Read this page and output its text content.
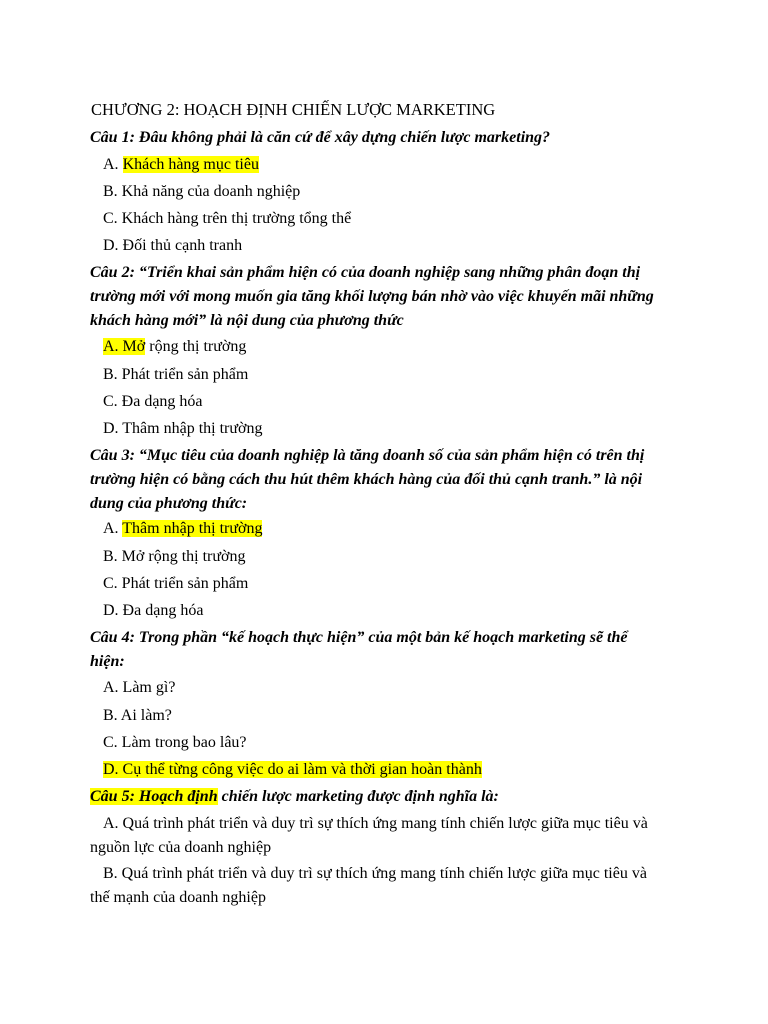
CHƯƠNG 2: HOẠCH ĐỊNH CHIẾN LƯỢC MARKETING
Câu 1: Đâu không phải là căn cứ để xây dựng chiến lược marketing?
A. Khách hàng mục tiêu
B. Khả năng của doanh nghiệp
C. Khách hàng trên thị trường tổng thể
D. Đối thủ cạnh tranh
Câu 2: “Triển khai sản phẩm hiện có của doanh nghiệp sang những phân đoạn thị
trường mới với mong muốn gia tăng khối lượng bán nhờ vào việc khuyến mãi những
khách hàng mới” là nội dung của phương thức
A. Mở rộng thị trường
B. Phát triển sản phẩm
C. Đa dạng hóa
D. Thâm nhập thị trường
Câu 3: “Mục tiêu của doanh nghiệp là tăng doanh số của sản phẩm hiện có trên thị
trường hiện có bằng cách thu hút thêm khách hàng của đối thủ cạnh tranh.” là nội
dung của phương thức:
A. Thâm nhập thị trường
B. Mở rộng thị trường
C. Phát triển sản phẩm
D. Đa dạng hóa
Câu 4: Trong phần “kế hoạch thực hiện” của một bản kế hoạch marketing sẽ thể
hiện:
A. Làm gì?
B. Ai làm?
C. Làm trong bao lâu?
D. Cụ thể từng công việc do ai làm và thời gian hoàn thành
Câu 5: Hoạch định chiến lược marketing được định nghĩa là:
A. Quá trình phát triển và duy trì sự thích ứng mang tính chiến lược giữa mục tiêu và
nguồn lực của doanh nghiệp
B. Quá trình phát triển và duy trì sự thích ứng mang tính chiến lược giữa mục tiêu và
thế mạnh của doanh nghiệp
